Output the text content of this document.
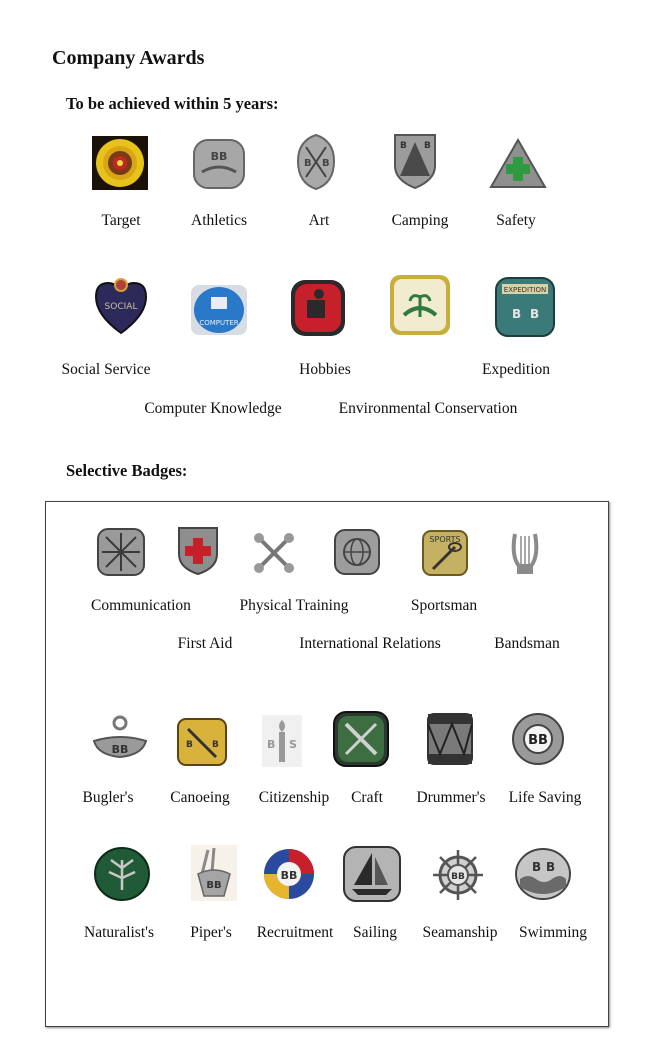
Company Awards
To be achieved within 5 years:
BB
B B
B B
Target	Athletics	Art	Camping	Safety
SOCIAL
COMPUTER
EXPEDITION
B B
Social Service	Hobbies	Expedition
Computer Knowledge	Environmental Conservation
Selective Badges:
SPORTS
Communication	Physical Training	Sportsman
First Aid	International Relations	Bandsman
BB	B B	B S	BB
Bugler's Canoeing Citizenship Craft Drummer's Life Saving
BB
BB	BB
B B
Naturalist's Piper's Recruitment Sailing Seamanship Swimming
